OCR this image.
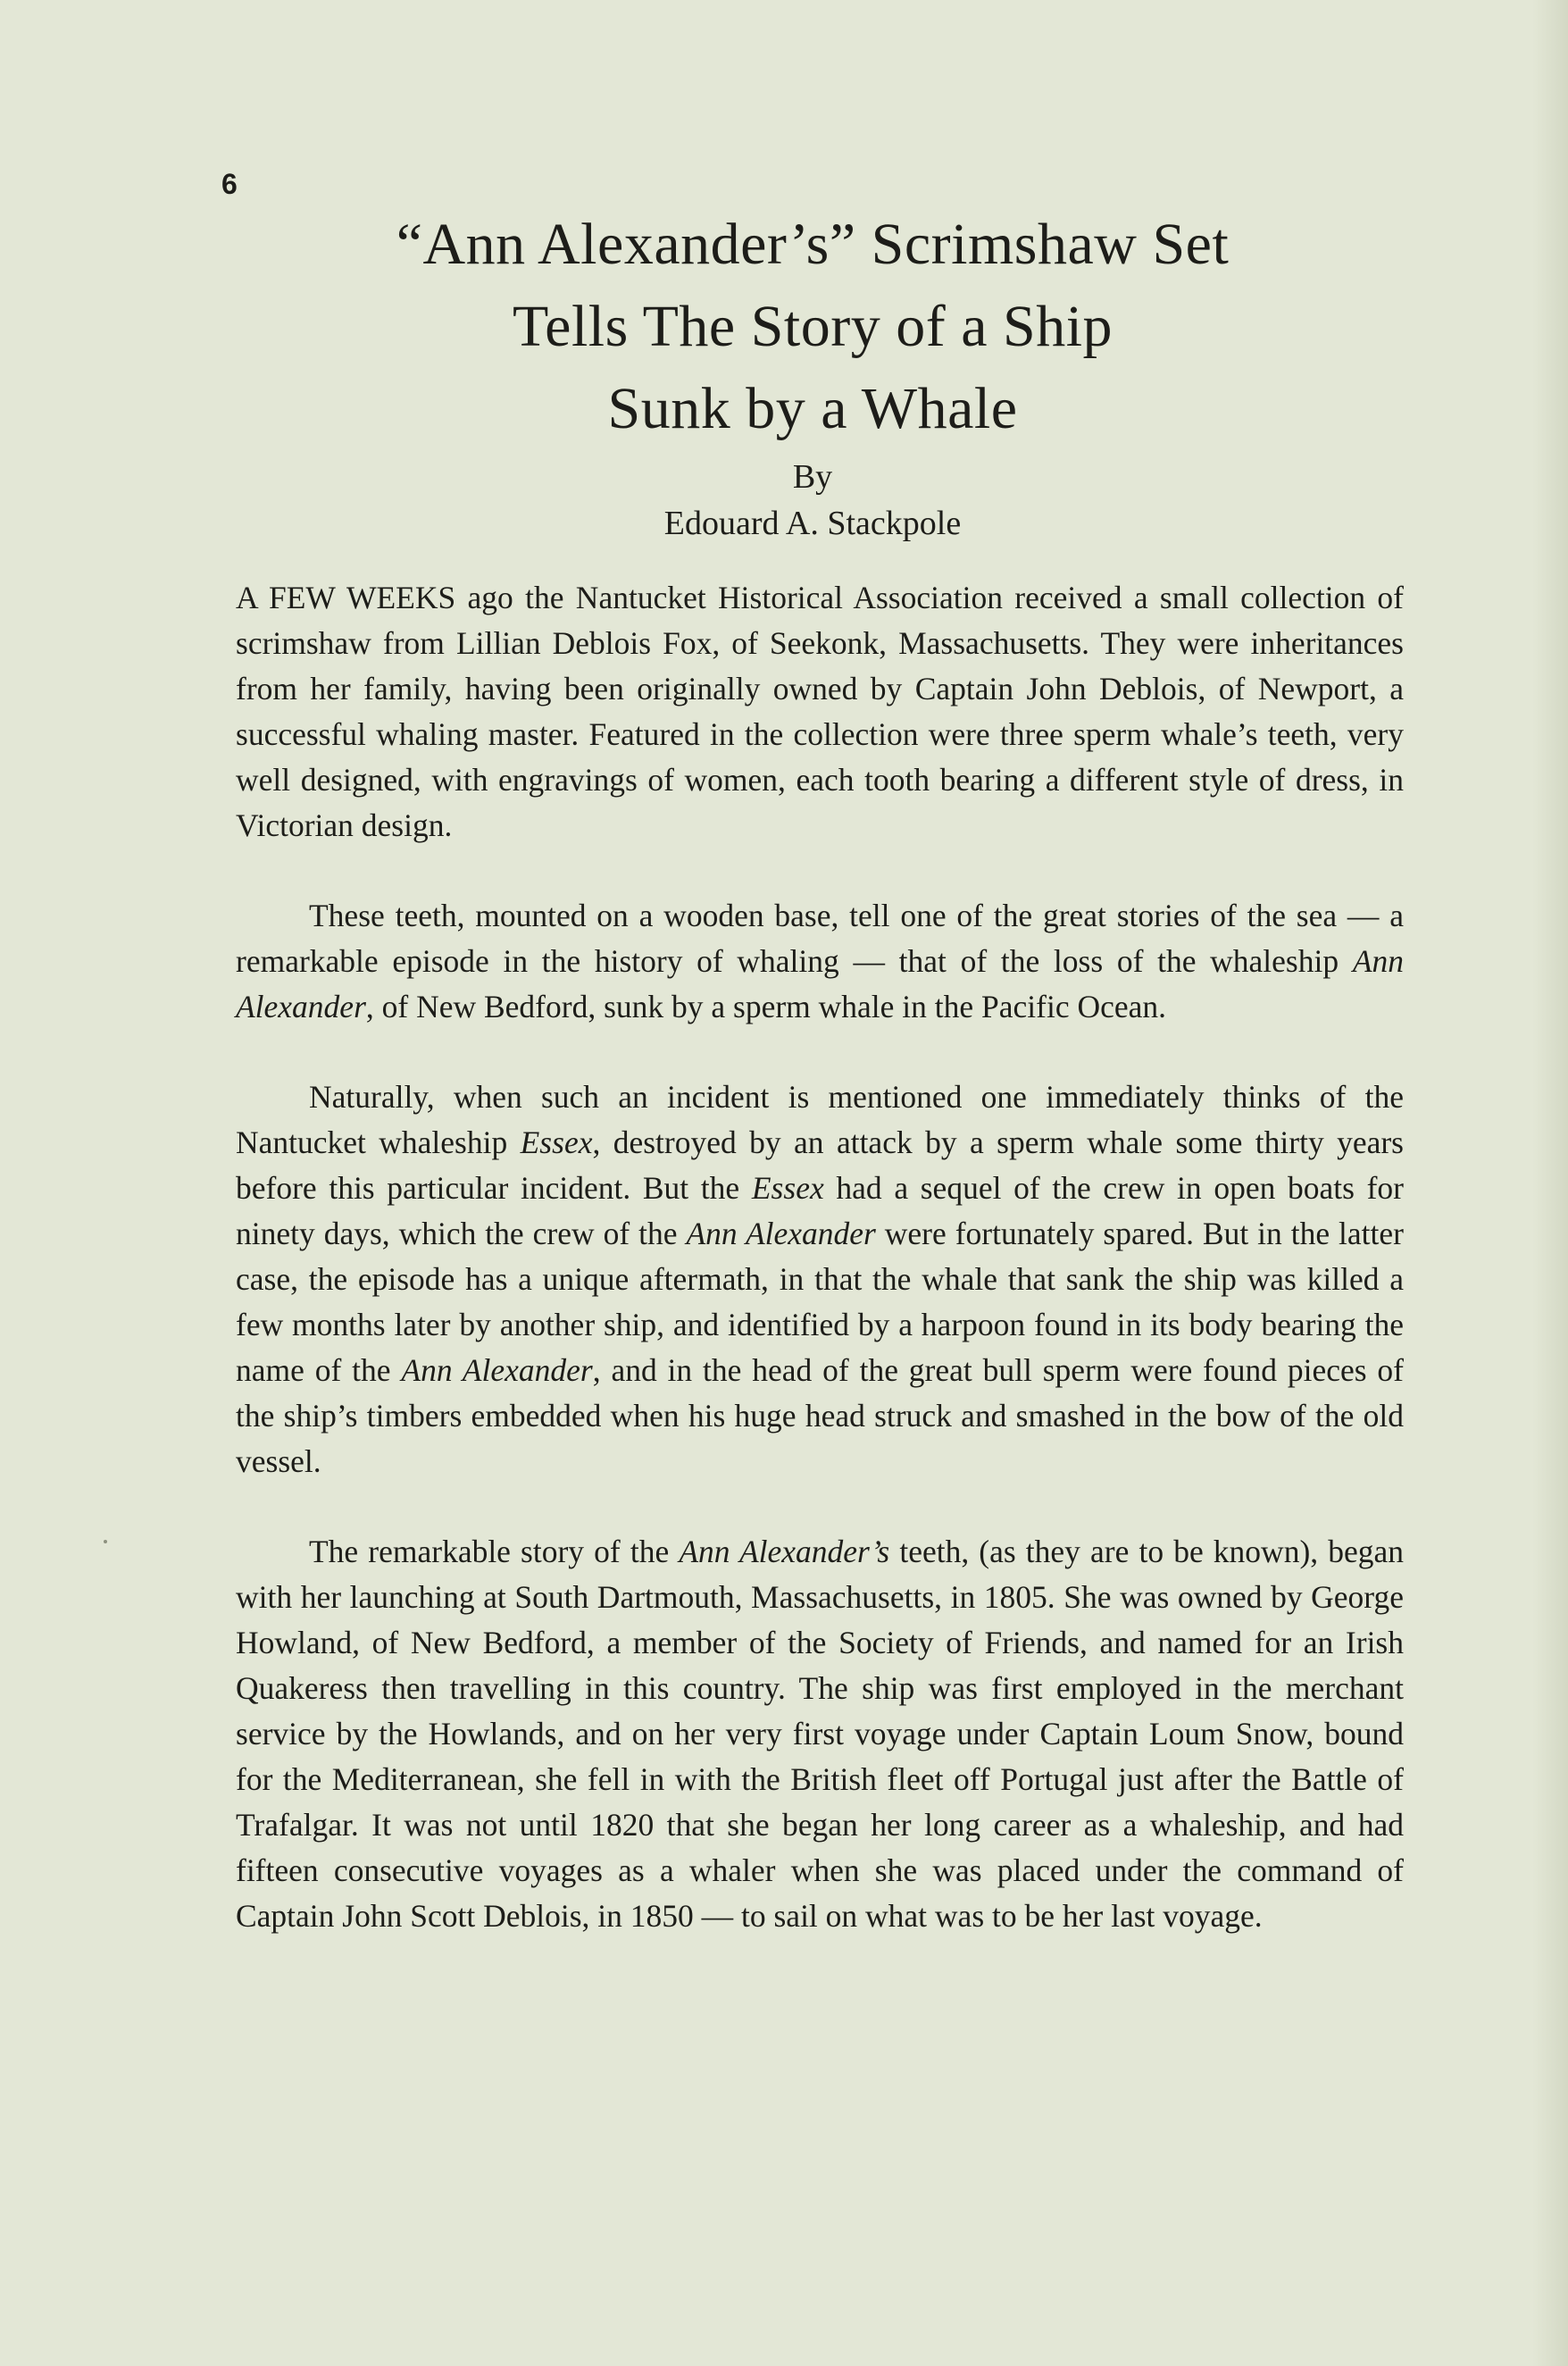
6
“Ann Alexander’s” Scrimshaw Set
Tells The Story of a Ship
Sunk by a Whale
By
Edouard A. Stackpole

A FEW WEEKS ago the Nantucket Historical Association received a small collection of scrimshaw from Lillian Deblois Fox, of Seekonk, Massachusetts. They were inheritances from her family, having been originally owned by Captain John Deblois, of Newport, a successful whaling master. Featured in the collection were three sperm whale’s teeth, very well designed, with engravings of women, each tooth bearing a different style of dress, in Victorian design.

These teeth, mounted on a wooden base, tell one of the great stories of the sea — a remarkable episode in the history of whaling — that of the loss of the whaleship Ann Alexander, of New Bedford, sunk by a sperm whale in the Pacific Ocean.

Naturally, when such an incident is mentioned one immediately thinks of the Nantucket whaleship Essex, destroyed by an attack by a sperm whale some thirty years before this particular incident. But the Essex had a sequel of the crew in open boats for ninety days, which the crew of the Ann Alexander were fortunately spared. But in the latter case, the episode has a unique aftermath, in that the whale that sank the ship was killed a few months later by another ship, and identified by a harpoon found in its body bearing the name of the Ann Alexander, and in the head of the great bull sperm were found pieces of the ship’s timbers embedded when his huge head struck and smashed in the bow of the old vessel.

The remarkable story of the Ann Alexander’s teeth, (as they are to be known), began with her launching at South Dartmouth, Massachusetts, in 1805. She was owned by George Howland, of New Bedford, a member of the Society of Friends, and named for an Irish Quakeress then travelling in this country. The ship was first employed in the merchant service by the Howlands, and on her very first voyage under Captain Loum Snow, bound for the Mediterranean, she fell in with the British fleet off Portugal just after the Battle of Trafalgar. It was not until 1820 that she began her long career as a whaleship, and had fifteen consecutive voyages as a whaler when she was placed under the command of Captain John Scott Deblois, in 1850 — to sail on what was to be her last voyage.
